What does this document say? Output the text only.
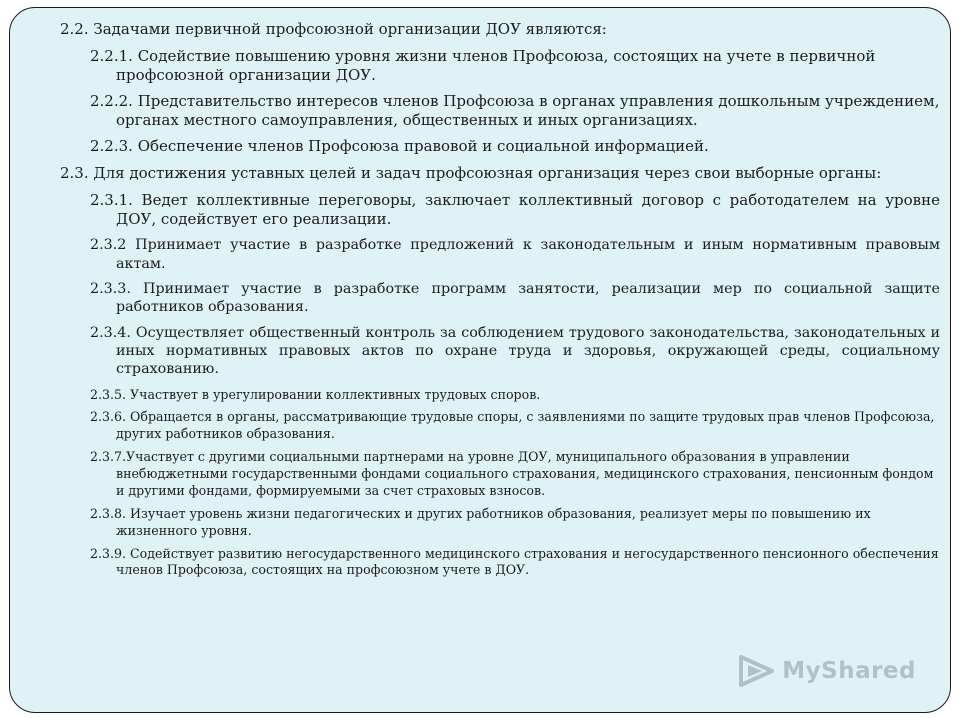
2.2. Задачами первичной профсоюзной организации ДОУ являются:

2.2.1. Содействие повышению уровня жизни членов Профсоюза, состоящих на учете в первичной профсоюзной организации ДОУ.

2.2.2. Представительство интересов членов Профсоюза в органах управления дошкольным учреждением, органах местного самоуправления, общественных и иных организациях.

2.2.3. Обеспечение членов Профсоюза правовой и социальной информацией.

2.3. Для достижения уставных целей и задач профсоюзная организация через свои выборные органы:

2.3.1. Ведет коллективные переговоры, заключает коллективный договор с работодателем на уровне ДОУ, содействует его реализации.

2.3.2 Принимает участие в разработке предложений к законодательным и иным нормативным правовым актам.

2.3.3. Принимает участие в разработке программ занятости, реализации мер по социальной защите работников образования.

2.3.4. Осуществляет общественный контроль за соблюдением трудового законодательства, законодательных и иных нормативных правовых актов по охране труда и здоровья, окружающей среды, социальному страхованию.

2.3.5. Участвует в урегулировании коллективных трудовых споров.

2.3.6. Обращается в органы, рассматривающие трудовые споры, с заявлениями по защите трудовых прав членов Профсоюза, других работников образования.

2.3.7.Участвует с другими социальными партнерами на уровне ДОУ, муниципального образования в управлении внебюджетными государственными фондами социального страхования, медицинского страхования, пенсионным фондом и другими фондами, формируемыми за счет страховых взносов.

2.3.8. Изучает уровень жизни педагогических и других работников образования, реализует меры по повышению их жизненного уровня.

2.3.9. Содействует развитию негосударственного медицинского страхования и негосударственного пенсионного обеспечения членов Профсоюза, состоящих на профсоюзном учете в ДОУ.

MyShared
